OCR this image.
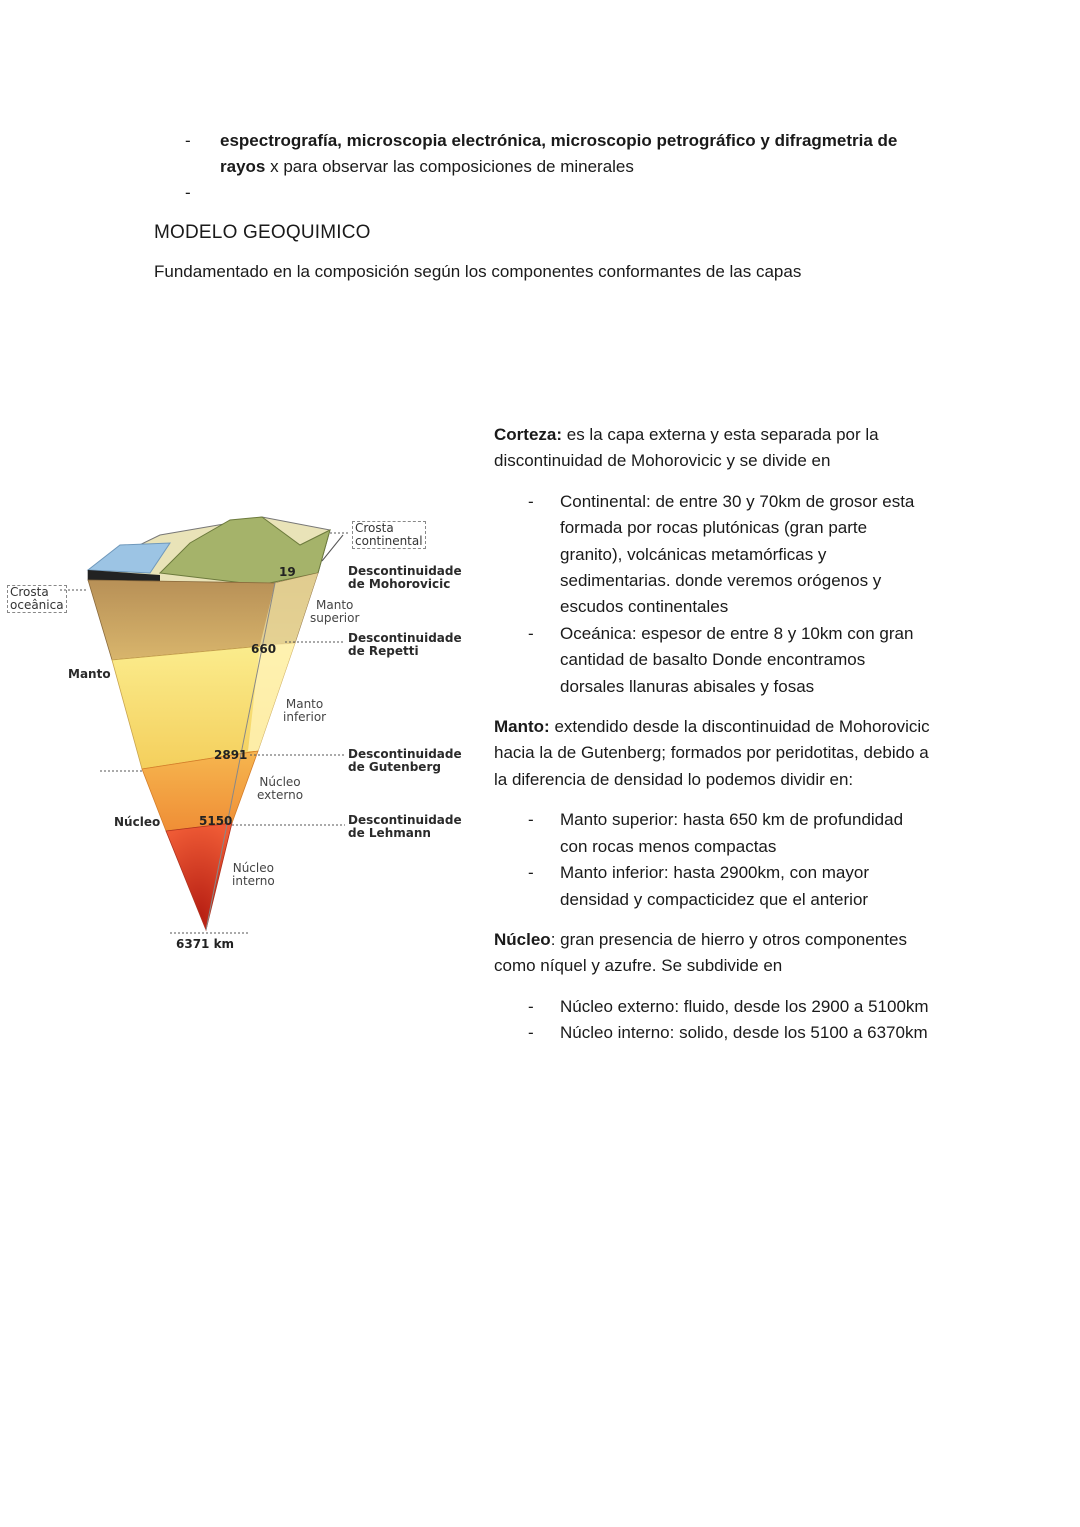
- espectrografía, microscopia electrónica, microscopio petrográfico y difragmetria de
rayos x para observar las composiciones de minerales
-
MODELO GEOQUIMICO
Fundamentado en la composición según los componentes conformantes de las capas
Crosta
continental
Crosta
oceânica
Manto
Núcleo
Descontinuidade
de Mohorovicic
Manto
superior
Descontinuidade
de Repetti
Manto
inferior
Descontinuidade
de Gutenberg
Núcleo
externo
Descontinuidade
de Lehmann
Núcleo
interno
19
660
2891
5150
6371 km

Corteza: es la capa externa y esta separada por la discontinuidad de Mohorovicic y se divide en

- Continental: de entre 30 y 70km de grosor esta formada por rocas plutónicas (gran parte granito), volcánicas metamórficas y sedimentarias. donde veremos orógenos y escudos continentales
- Oceánica: espesor de entre 8 y 10km con gran cantidad de basalto Donde encontramos dorsales llanuras abisales y fosas

Manto: extendido desde la discontinuidad de Mohorovicic hacia la de Gutenberg; formados por peridotitas, debido a la diferencia de densidad lo podemos dividir en:

- Manto superior: hasta 650 km de profundidad con rocas menos compactas
- Manto inferior: hasta 2900km, con mayor densidad y compacticidez que el anterior

Núcleo: gran presencia de hierro y otros componentes como níquel y azufre. Se subdivide en

- Núcleo externo: fluido, desde los 2900 a 5100km
- Núcleo interno: solido, desde los 5100 a 6370km
